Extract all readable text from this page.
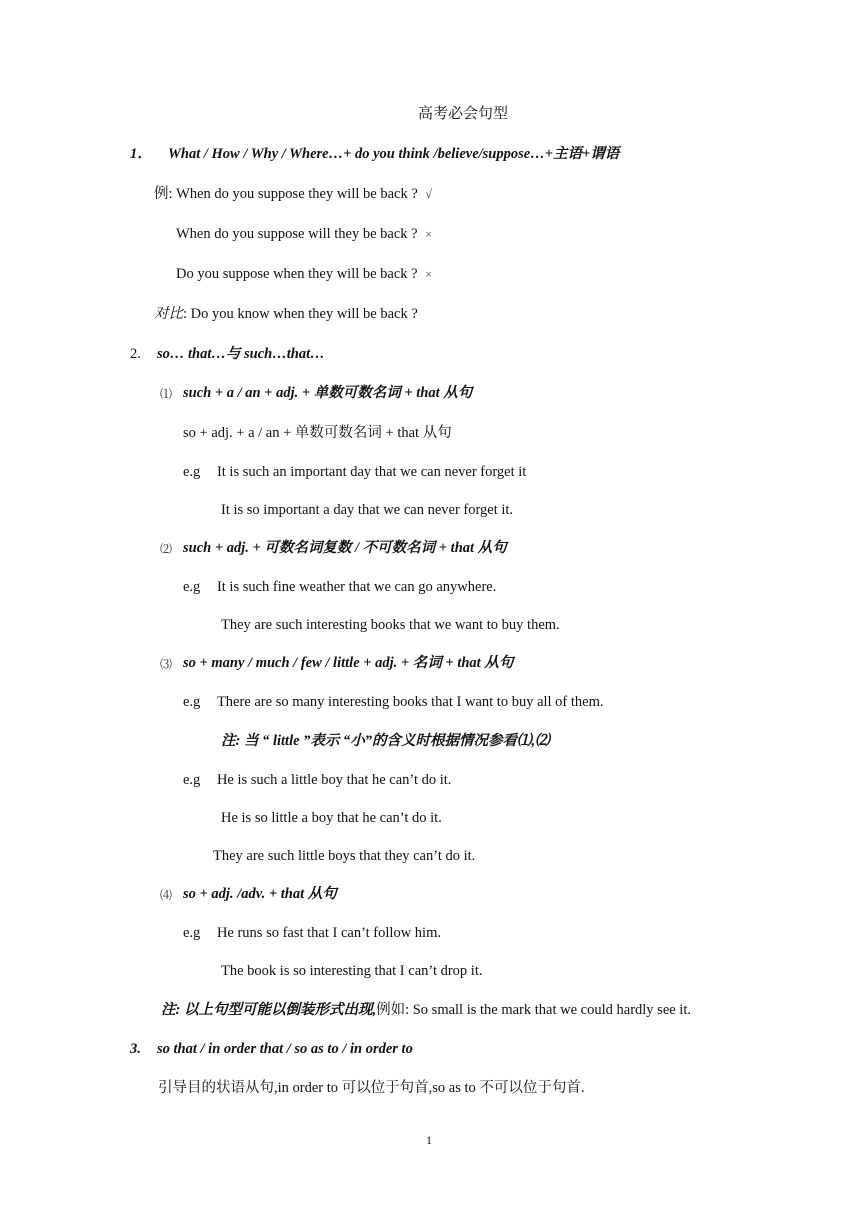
高考必会句型
1． What / How / Why / Where…+ do you think /believe/suppose…+主语+谓语
例: When do you suppose they will be back ? √
When do you suppose will they be back ? ×
Do you suppose when they will be back ? ×
对比: Do you know when they will be back ?
2. so… that…与 such…that…
⑴ such + a / an + adj. + 单数可数名词 + that 从句
so + adj. + a / an + 单数可数名词 + that 从句
e.g It is such an important day that we can never forget it
It is so important a day that we can never forget it.
⑵ such + adj. + 可数名词复数 / 不可数名词 + that 从句
e.g It is such fine weather that we can go anywhere.
They are such interesting books that we want to buy them.
⑶ so + many / much / few / little + adj. + 名词 + that 从句
e.g There are so many interesting books that I want to buy all of them.
注: 当 “ little ”表示 “小”的含义时根据情况参看⑴,⑵
e.g He is such a little boy that he can’t do it.
He is so little a boy that he can’t do it.
They are such little boys that they can’t do it.
⑷ so + adj. /adv. + that 从句
e.g He runs so fast that I can’t follow him.
The book is so interesting that I can’t drop it.
注: 以上句型可能以倒装形式出现,例如: So small is the mark that we could hardly see it.
3. so that / in order that / so as to / in order to
引导目的状语从句,in order to 可以位于句首,so as to 不可以位于句首.
1
